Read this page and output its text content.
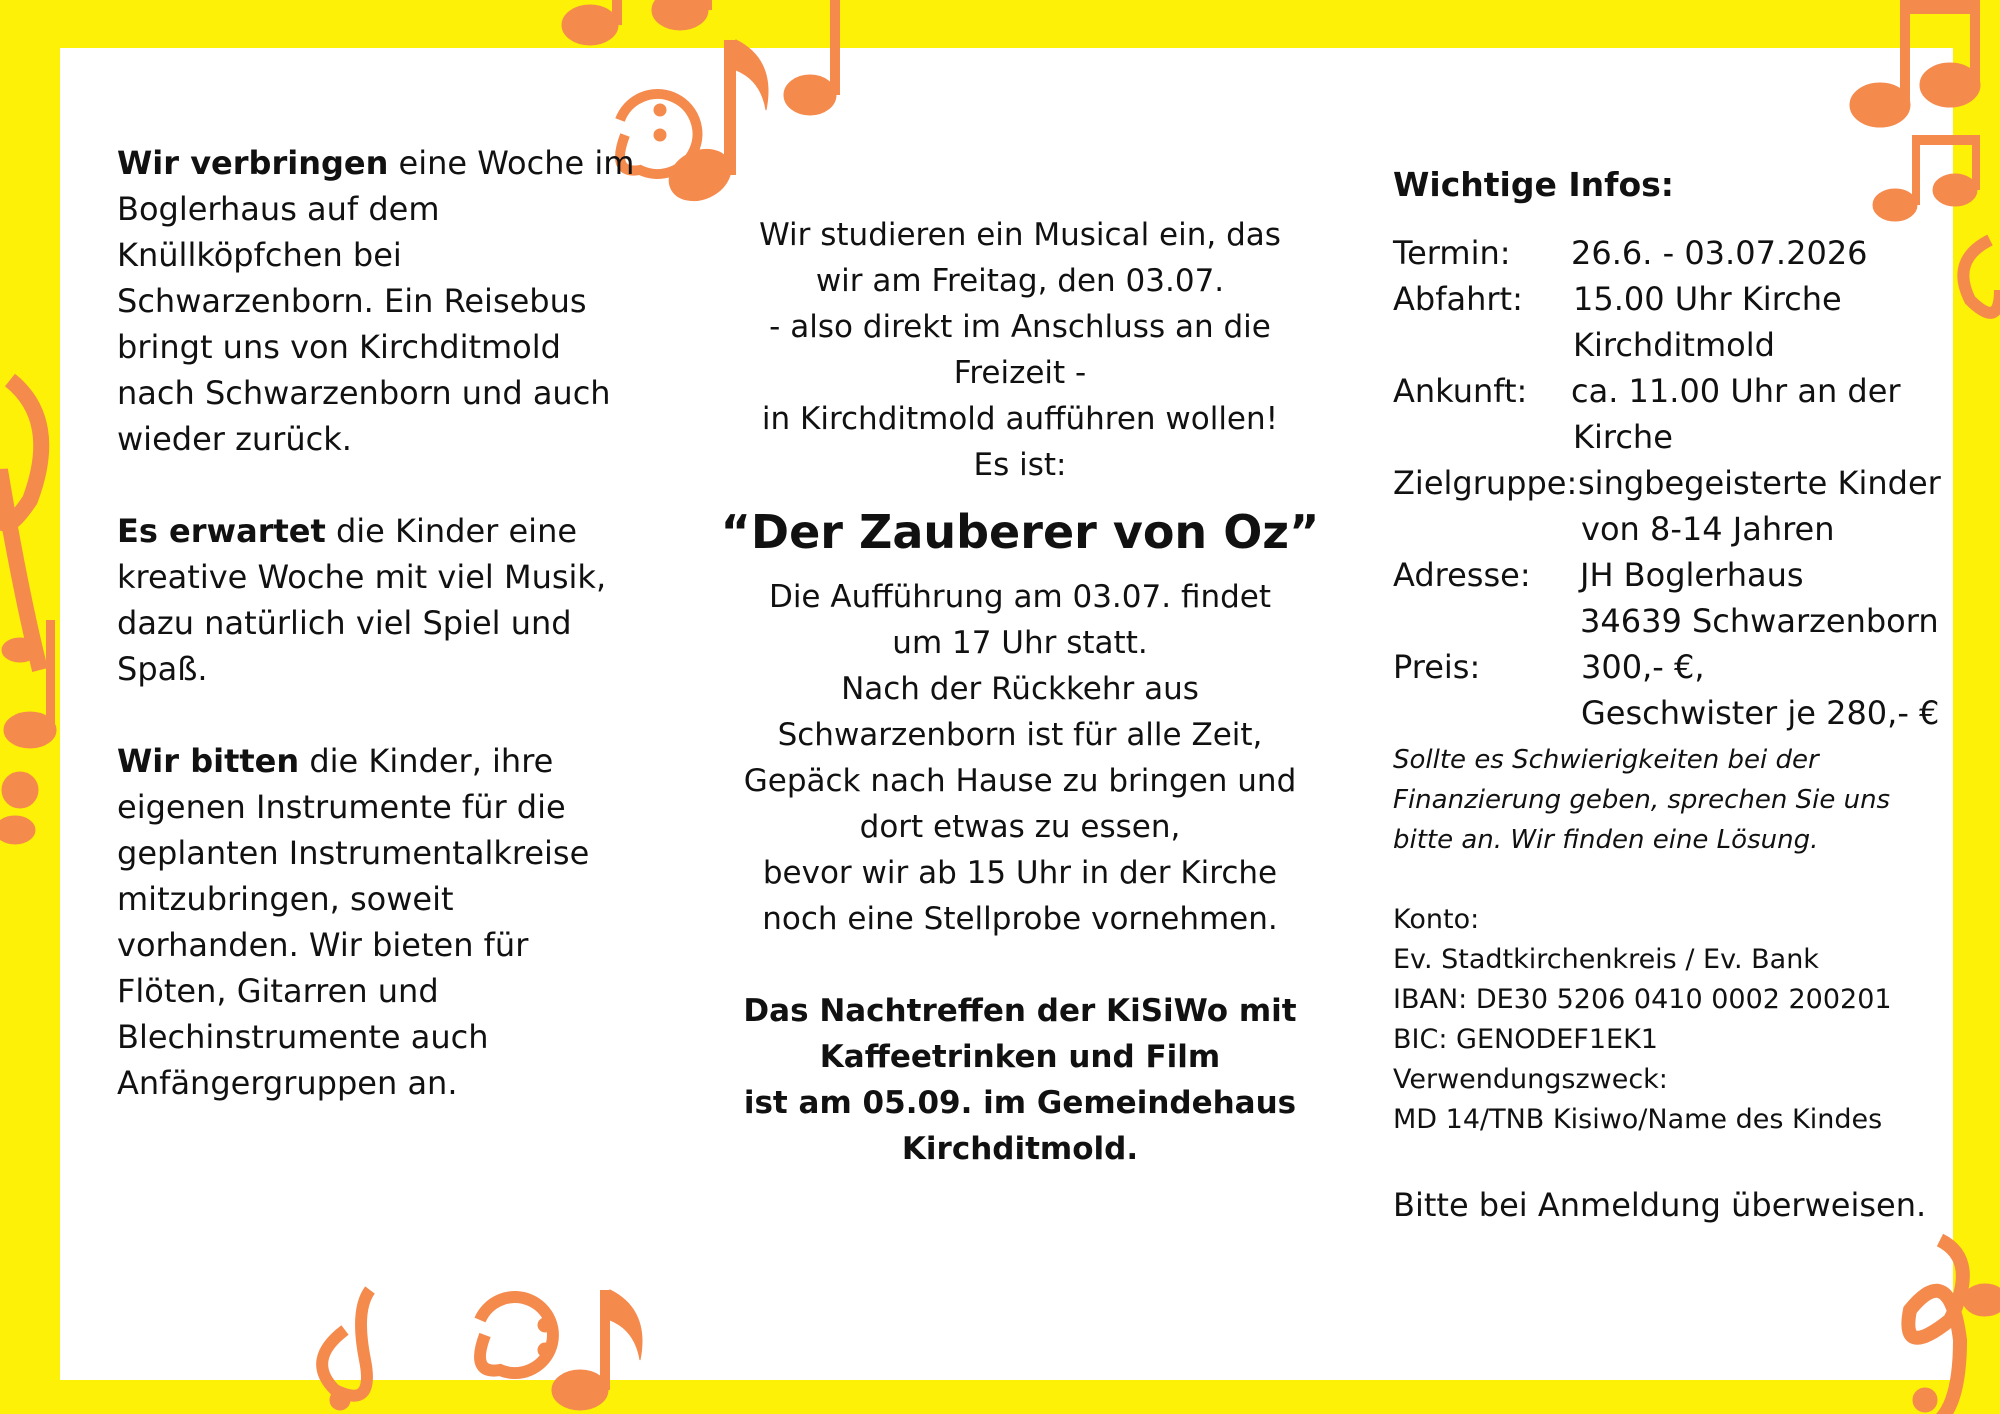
Wir verbringen eine Woche im Boglerhaus auf dem Knüllköpfchen bei Schwarzenborn. Ein Reisebus bringt uns von Kirchditmold nach Schwarzenborn und auch wieder zurück.

Es erwartet die Kinder eine kreative Woche mit viel Musik, dazu natürlich viel Spiel und Spaß.

Wir bitten die Kinder, ihre eigenen Instrumente für die geplanten Instrumentalkreise mitzubringen, soweit vorhanden. Wir bieten für Flöten, Gitarren und Blechinstrumente auch Anfängergruppen an.

Wir studieren ein Musical ein, das
wir am Freitag, den 03.07.
- also direkt im Anschluss an die
Freizeit -
in Kirchditmold aufführen wollen!
Es ist:
“Der Zauberer von Oz”
Die Aufführung am 03.07. findet
um 17 Uhr statt.
Nach der Rückkehr aus
Schwarzenborn ist für alle Zeit,
Gepäck nach Hause zu bringen und
dort etwas zu essen,
bevor wir ab 15 Uhr in der Kirche
noch eine Stellprobe vornehmen.
Das Nachtreffen der KiSiWo mit
Kaffeetrinken und Film
ist am 05.09. im Gemeindehaus
Kirchditmold.
Wichtige Infos:
Termin: 26.6. - 03.07.2026
Abfahrt: 15.00 Uhr Kirche
Kirchditmold
Ankunft: ca. 11.00 Uhr an der
Kirche
Zielgruppe: singbegeisterte Kinder
von 8-14 Jahren
Adresse: JH Boglerhaus
34639 Schwarzenborn
Preis:	300,- €,
Geschwister je 280,- €
Sollte es Schwierigkeiten bei der Finanzierung geben, sprechen Sie uns bitte an. Wir finden eine Lösung.
Konto:
Ev. Stadtkirchenkreis / Ev. Bank
IBAN: DE30 5206 0410 0002 200201
BIC: GENODEF1EK1
Verwendungszweck:
MD 14/TNB Kisiwo/Name des Kindes
Bitte bei Anmeldung überweisen.
